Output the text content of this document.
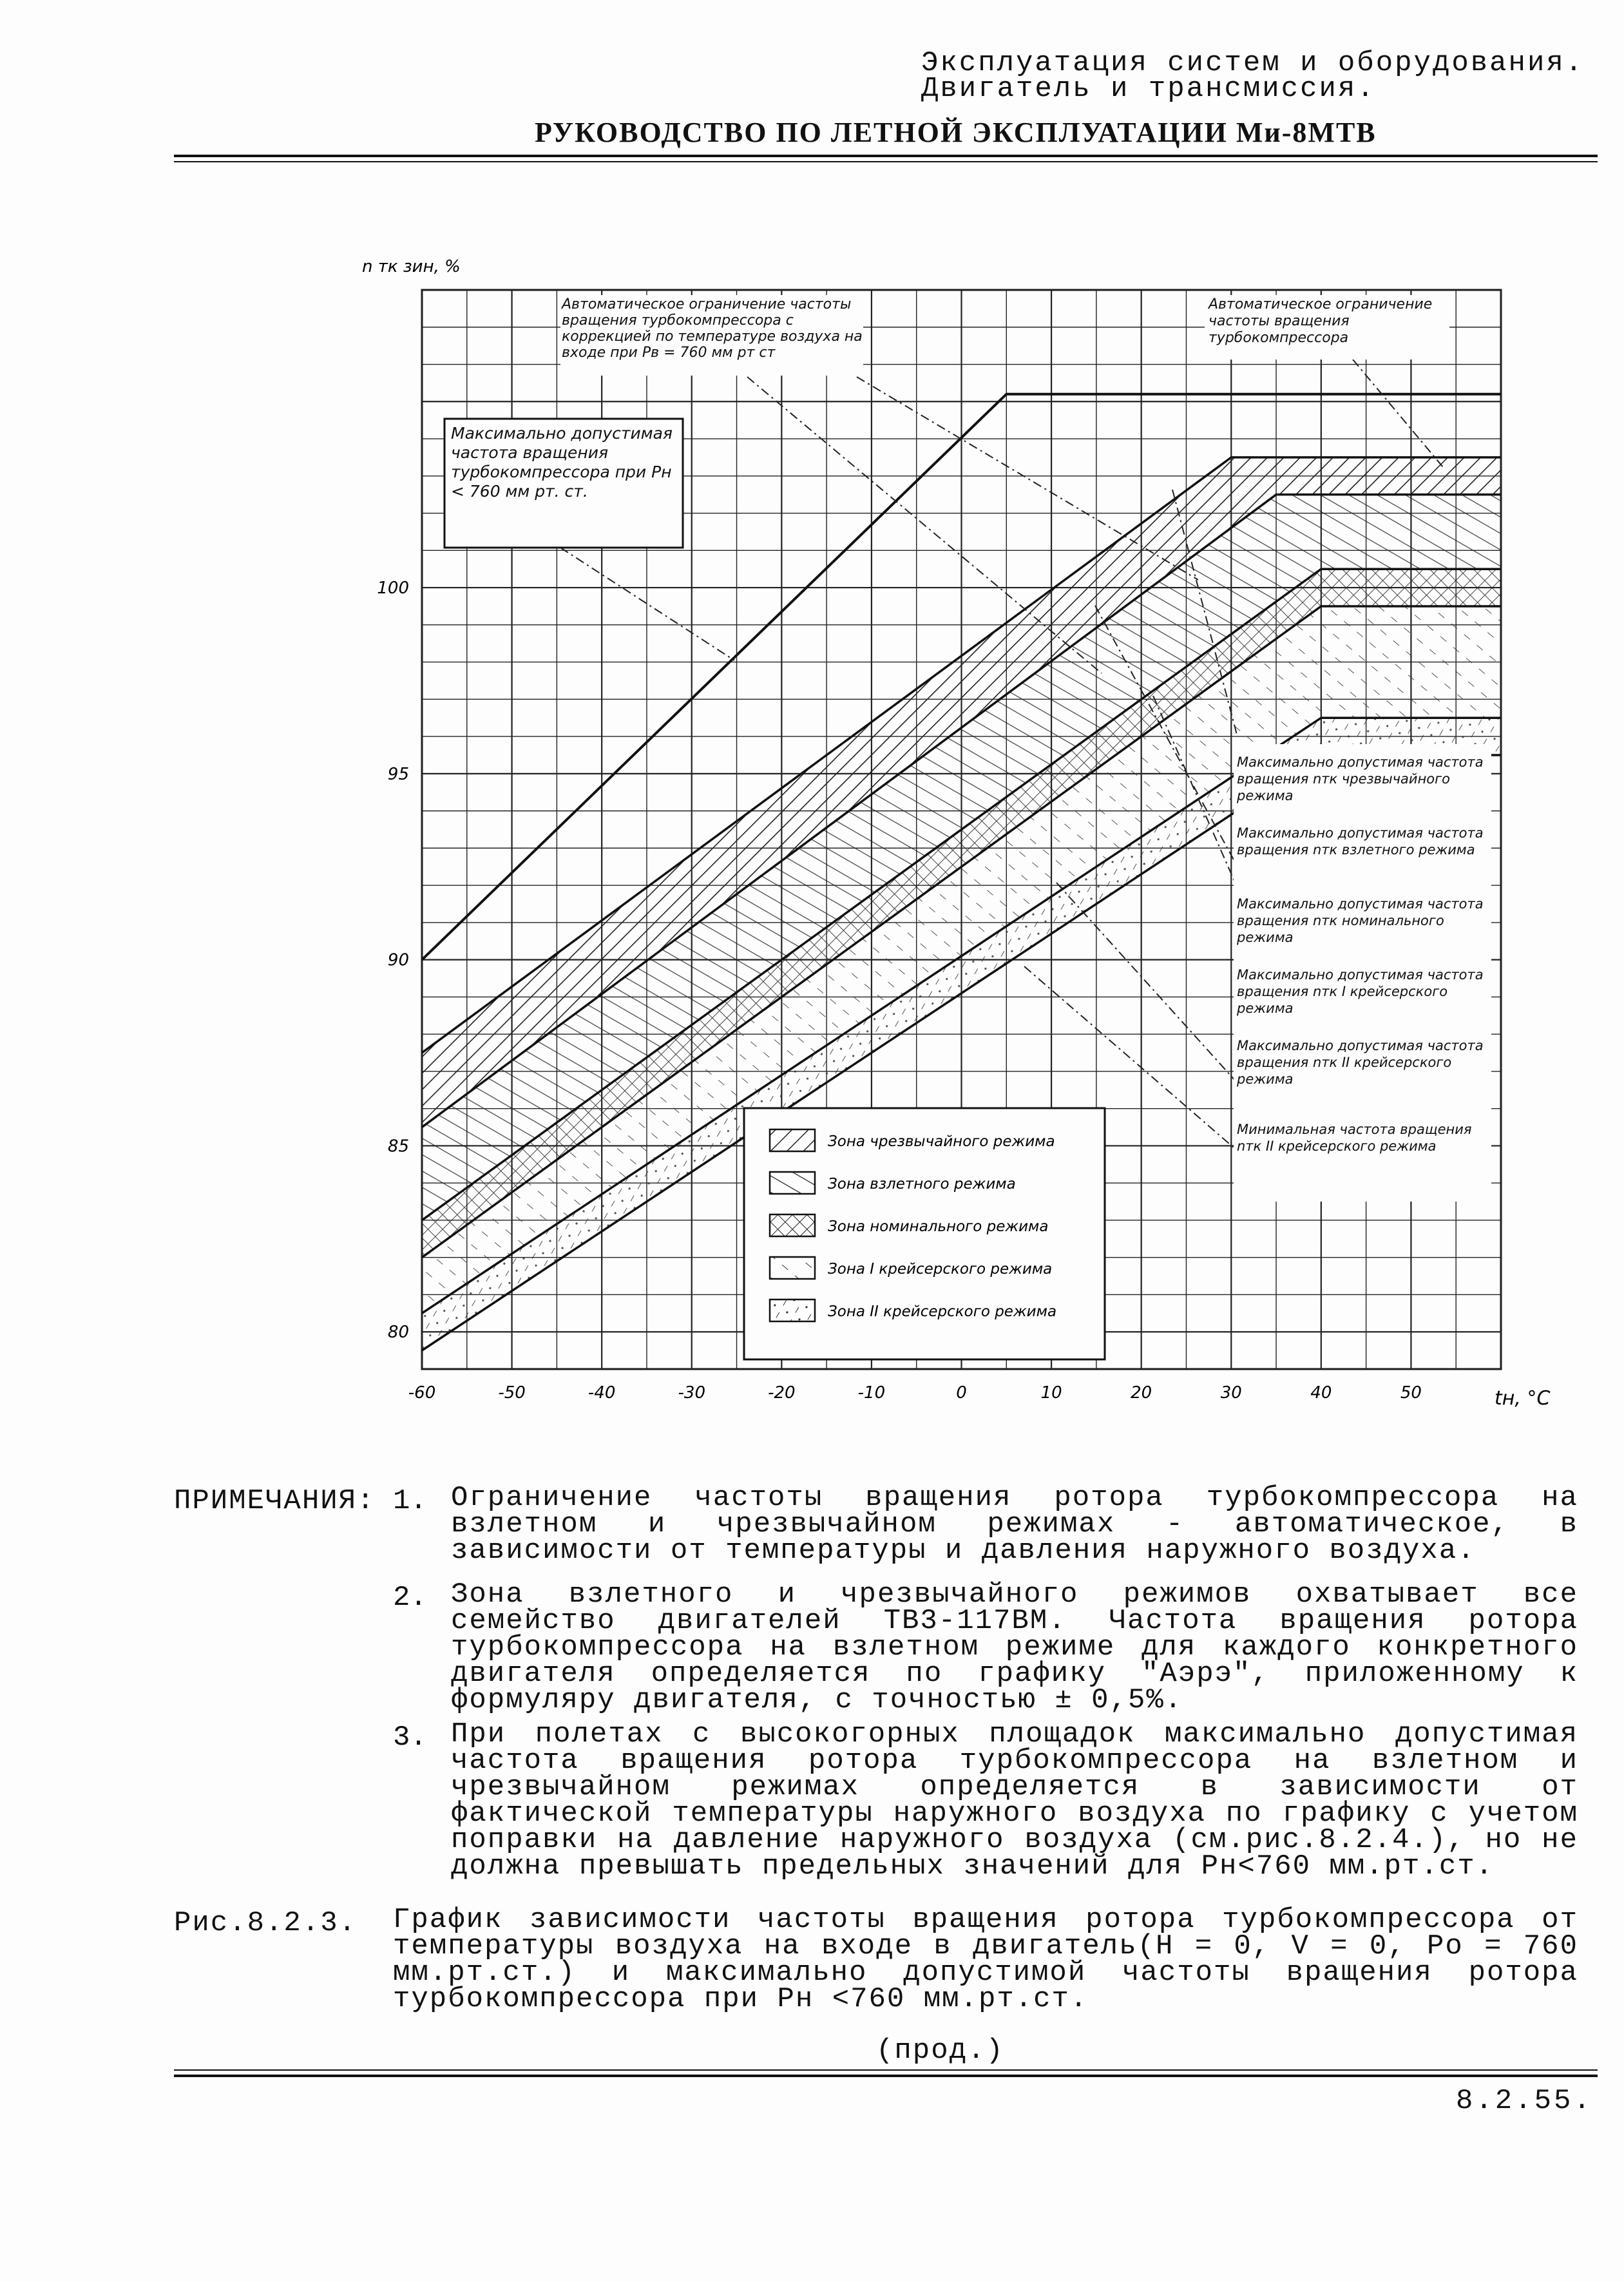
Эксплуатация систем и оборудования.
Двигатель и трансмиссия.
РУКОВОДСТВО ПО ЛЕТНОЙ ЭКСПЛУАТАЦИИ Ми-8МТВ
-60	-50	-40	-30	-20	-10	0	10	20	30	40	50
80
85
90
95
100
n тк зин, %
tн, °C
Автоматическое ограничение частоты вращения турбокомпрессора с коррекцией по температуре воздуха на входе при Pв = 760 мм рт ст
Автоматическое ограничение частоты вращения турбокомпрессора
Максимально допустимая частота вращения турбокомпрессора при Pн < 760 мм рт. ст.
Максимально допустимая частота вращения nтк чрезвычайного режима
Максимально допустимая частота вращения nтк взлетного режима
Максимально допустимая частота вращения nтк номинального режима
Максимально допустимая частота вращения nтк I крейсерского режима
Максимально допустимая частота вращения nтк II крейсерского режима
Минимальная частота вращения nтк II крейсерского режима
Зона чрезвычайного режима
Зона взлетного режима
Зона номинального режима
Зона I крейсерского режима
Зона II крейсерского режима
ПРИМЕЧАНИЯ: 1. Ограничение частоты вращения ротора турбокомпрессора на взлетном и чрезвычайном режимах - автоматическое, в зависимости от температуры и давления наружного воздуха.
2. Зона взлетного и чрезвычайного режимов охватывает все семейство двигателей ТВ3-117ВМ. Частота вращения ротора турбокомпрессора на взлетном режиме для каждого конкретного двигателя определяется по графику "Аэрэ", приложенному к формуляру двигателя, с точностью ± 0,5%.
3. При полетах с высокогорных площадок максимально допустимая частота вращения ротора турбокомпрессора на взлетном и чрезвычайном режимах определяется в зависимости от фактической температуры наружного воздуха по графику с учетом поправки на давление наружного воздуха (см.рис.8.2.4.), но не должна превышать предельных значений для Pн<760 мм.рт.ст.
Рис.8.2.3. График зависимости частоты вращения ротора турбокомпрессора от температуры воздуха на входе в двигатель(H = 0, V = 0, Pо = 760 мм.рт.ст.) и максимально допустимой частоты вращения ротора турбокомпрессора при Pн <760 мм.рт.ст.
(прод.)
8.2.55.
